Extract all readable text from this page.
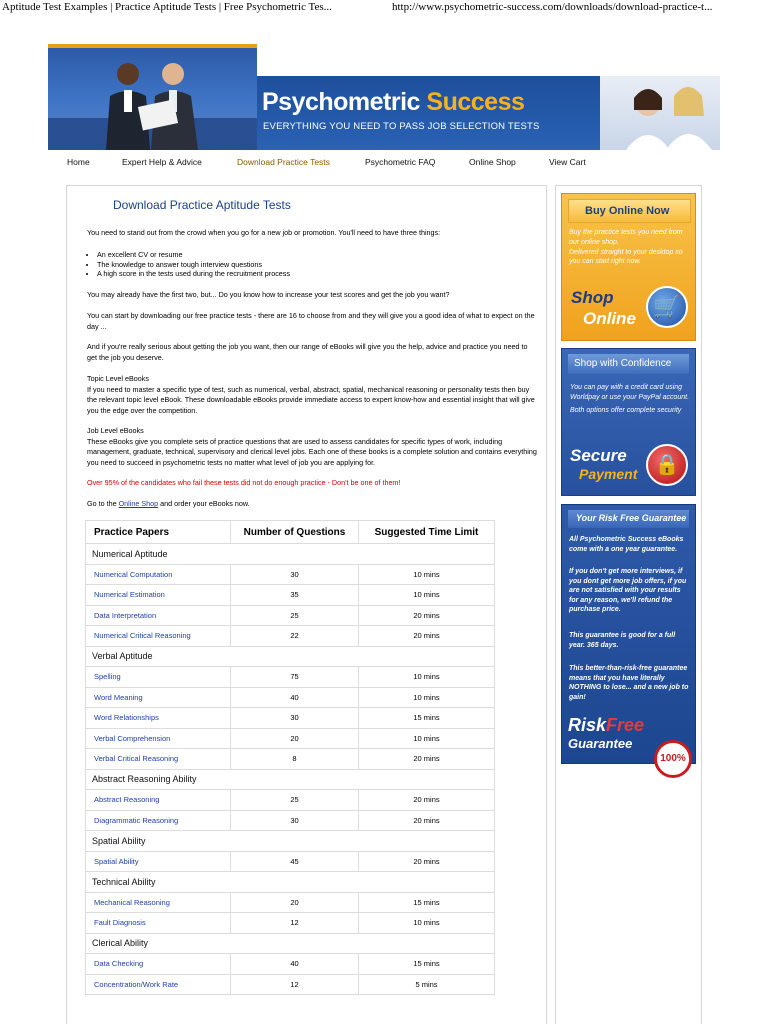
Aptitude Test Examples | Practice Aptitude Tests | Free Psychometric Tes...	http://www.psychometric-success.com/downloads/download-practice-t...
Psychometric Success
EVERYTHING YOU NEED TO PASS JOB SELECTION TESTS
Home	Expert Help & Advice	Download Practice Tests	Psychometric FAQ	Online Shop	View Cart
Download Practice Aptitude Tests
You need to stand out from the crowd when you go for a new job or promotion. You'll need to have three things:
• An excellent CV or resume
• The knowledge to answer tough interview questions
• A high score in the tests used during the recruitment process
You may already have the first two, but... Do you know how to increase your test scores and get the job you want?
You can start by downloading our free practice tests - there are 16 to choose from and they will give you a good idea of what to expect on the day ...
And if you're really serious about getting the job you want, then our range of eBooks will give you the help, advice and practice you need to get the job you deserve.
Topic Level eBooks
If you need to master a specific type of test, such as numerical, verbal, abstract, spatial, mechanical reasoning or personality tests then buy the relevant topic level eBook. These downloadable eBooks provide immediate access to expert know-how and essential insight that will give you the edge over the competition.
Job Level eBooks
These eBooks give you complete sets of practice questions that are used to assess candidates for specific types of work, including management, graduate, technical, supervisory and clerical level jobs. Each one of these books is a complete solution and contains everything you need to succeed in psychometric tests no matter what level of job you are applying for.
Over 95% of the candidates who fail these tests did not do enough practice - Don't be one of them!
Go to the Online Shop and order your eBooks now.
Practice Papers	Number of Questions	Suggested Time Limit
Numerical Aptitude		
Numerical Computation	30	10 mins
Numerical Estimation	35	10 mins
Data Interpretation	25	20 mins
Numerical Critical Reasoning	22	20 mins
Verbal Aptitude		
Spelling	75	10 mins
Word Meaning	40	10 mins
Word Relationships	30	15 mins
Verbal Comprehension	20	10 mins
Verbal Critical Reasoning	8	20 mins
Abstract Reasoning Ability		
Abstract Reasoning	25	20 mins
Diagrammatic Reasoning	30	20 mins
Spatial Ability		
Spatial Ability	45	20 mins
Technical Ability		
Mechanical Reasoning	20	15 mins
Fault Diagnosis	12	10 mins
Clerical Ability		
Data Checking	40	15 mins
Concentration/Work Rate	12	5 mins
Buy Online Now
Buy the practice tests you need from our online shop.
Delivered straight to your desktop so you can start right now.
Shop
Online 🛒
Shop with Confidence
You can pay with a credit card using Worldpay or use your PayPal account.
Both options offer complete security
Secure
Payment 🔒
Your Risk Free Guarantee
All Psychometric Success eBooks come with a one year guarantee.
If you don't get more interviews, if you dont get more job offers, if you are not satisfied with your results for any reason, we'll refund the purchase price.
This guarantee is good for a full year. 365 days.
This better-than-risk-free guarantee means that you have literally NOTHING to lose... and a new job to gain!
RiskFree
Guarantee
100%
